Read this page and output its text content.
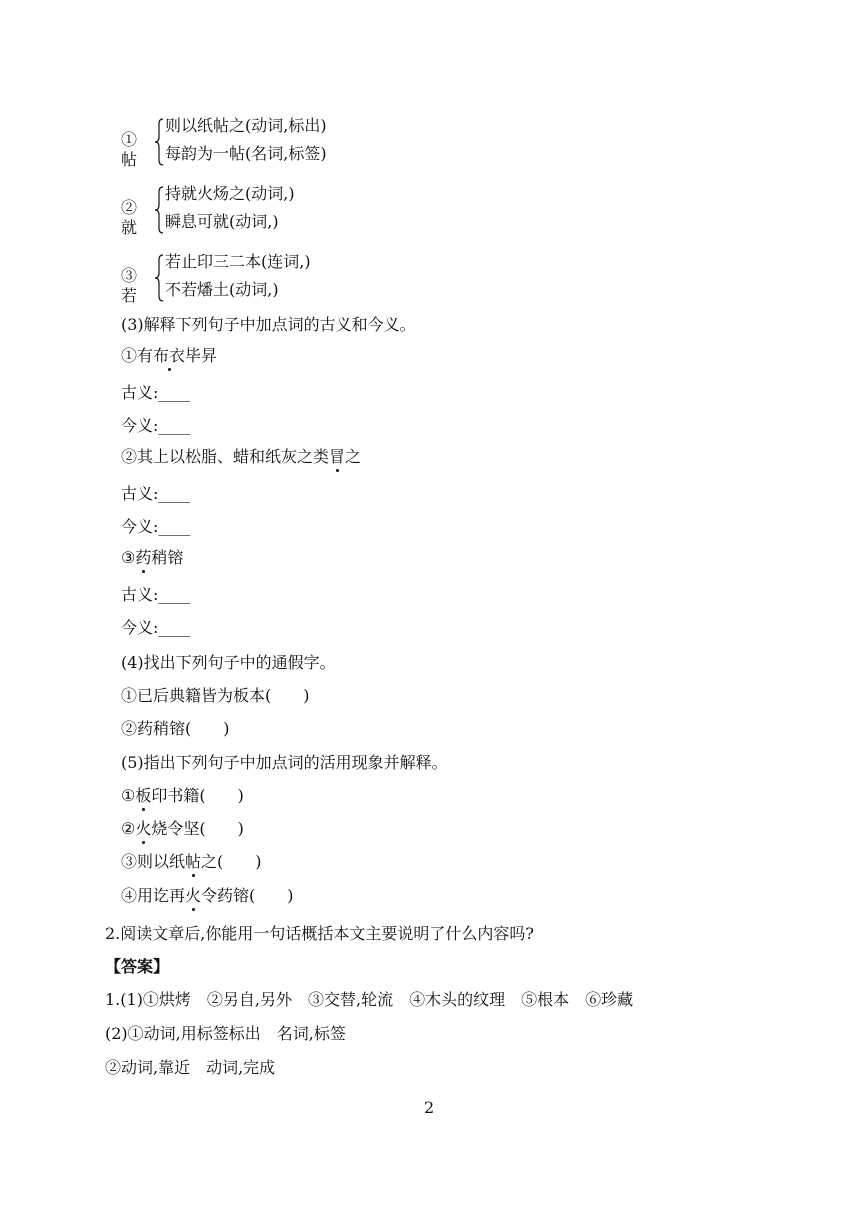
①帖
则以纸帖之(动词,标出)
每韵为一帖(名词,标签)
②就
持就火炀之(动词,)
瞬息可就(动词,)
③若
若止印三二本(连词,)
不若燔土(动词,)
(3)解释下列句子中加点词的古义和今义。
①有布衣毕昇
古义:____
今义:____
②其上以松脂、蜡和纸灰之类冒之
古义:____
今义:____
③药稍镕
古义:____
今义:____
(4)找出下列句子中的通假字。
①已后典籍皆为板本(　　)
②药稍镕(　　)
(5)指出下列句子中加点词的活用现象并解释。
①板印书籍(　　)
②火烧令坚(　　)
③则以纸帖之(　　)
④用讫再火令药镕(　　)
2.阅读文章后,你能用一句话概括本文主要说明了什么内容吗?
【答案】
1.(1)①烘烤　②另自,另外　③交替,轮流　④木头的纹理　⑤根本　⑥珍藏
(2)①动词,用标签标出　名词,标签
②动词,靠近　动词,完成
2
